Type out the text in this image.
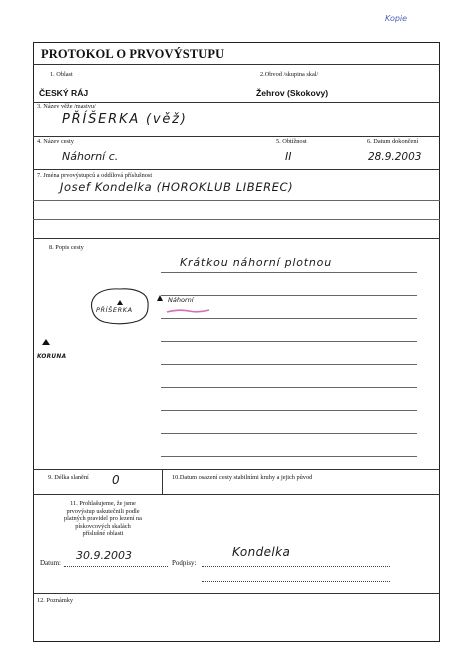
Kopie
PROTOKOL O PRVOVÝSTUPU
1. Oblast	2.Obvod /skupina skal/
ČESKÝ RÁJ	Žehrov (Skokovy)
3. Název věže /masivu/
PŘÍŠERKA (věž)
4. Název cesty	5. Obtížnost	6. Datum dokončení
Náhorní c.	II	28.9.2003
7. Jména prvovýstupců a oddílová příslušnost
Josef Kondelka (HOROKLUB LIBEREC)
8. Popis cesty
Krátkou náhorní plotnou
PŘÍŠERKA
Náhorní
KORUNA
9. Délka slanění 0	10.Datum osazení cesty stabilními kruhy a jejich původ
11. Prohlašujeme, že jsme
prvovýstup uskutečnili podle
platných pravidel pro lezení na
pískovcových skalách
příslušné oblasti
Datum:
30.9.2003
Podpisy:
Kondelka
12. Poznámky
